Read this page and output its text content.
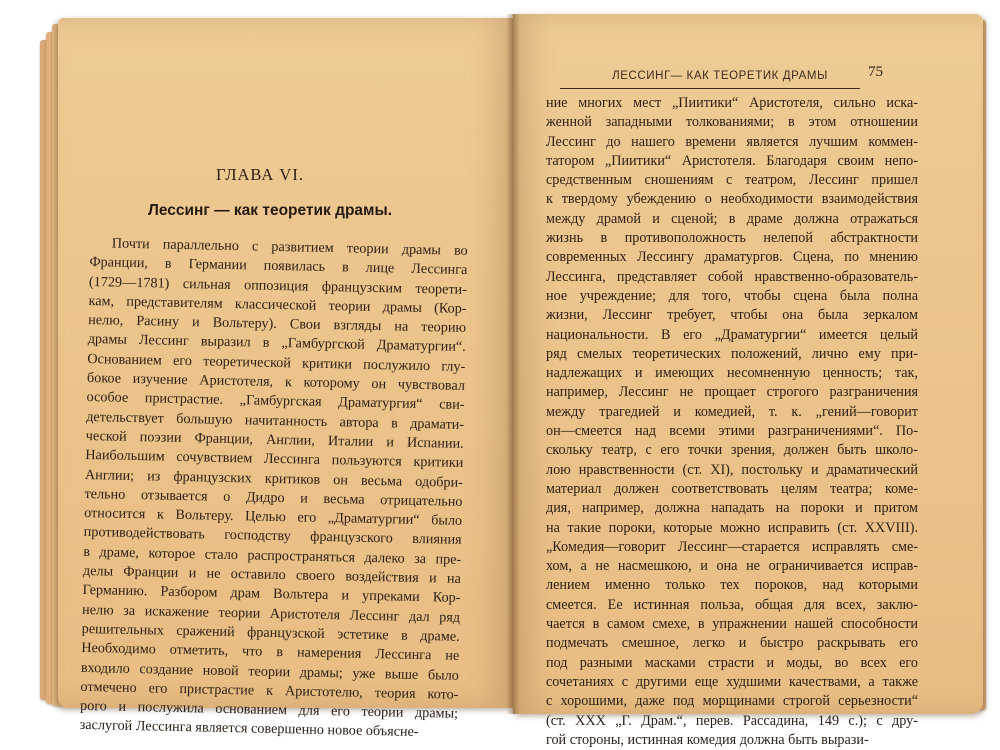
ГЛАВА VI.
Лессинг — как теоретик драмы.
Почти параллельно с развитием теории драмы во
Франции, в Германии появилась в лице Лессинга
(1729—1781) сильная оппозиция французским теорети-
кам, представителям классической теории драмы (Кор-
нелю, Расину и Вольтеру). Свои взгляды на теорию
драмы Лессинг выразил в „Гамбургской Драматургии“.
Основанием его теоретической критики послужило глу-
бокое изучение Аристотеля, к которому он чувствовал
особое пристрастие. „Гамбургская Драматургия“ сви-
детельствует большую начитанность автора в драмати-
ческой поэзии Франции, Англии, Италии и Испании.
Наибольшим сочувствием Лессинга пользуются критики
Англии; из французских критиков он весьма одобри-
тельно отзывается о Дидро и весьма отрицательно
относится к Вольтеру. Целью его „Драматургии“ было
противодействовать господству французского влияния
в драме, которое стало распространяться далеко за пре-
делы Франции и не оставило своего воздействия и на
Германию. Разбором драм Вольтера и упреками Кор-
нелю за искажение теории Аристотеля Лессинг дал ряд
решительных сражений французской эстетике в драме.
Необходимо отметить, что в намерения Лессинга не
входило создание новой теории драмы; уже выше было
отмечено его пристрастие к Аристотелю, теория кото-
рого и послужила основанием для его теории драмы;
заслугой Лессинга является совершенно новое объясне-
ЛЕССИНГ— КАК ТЕОРЕТИК ДРАМЫ	75
ние многих мест „Пиитики“ Аристотеля, сильно иска-
женной западными толкованиями; в этом отношении
Лессинг до нашего времени является лучшим коммен-
татором „Пиитики“ Аристотеля. Благодаря своим непо-
средственным сношениям с театром, Лессинг пришел
к твердому убеждению о необходимости взаимодействия
между драмой и сценой; в драме должна отражаться
жизнь в противоположность нелепой абстрактности
современных Лессингу драматургов. Сцена, по мнению
Лессинга, представляет собой нравственно-образователь-
ное учреждение; для того, чтобы сцена была полна
жизни, Лессинг требует, чтобы она была зеркалом
национальности. В его „Драматургии“ имеется целый
ряд смелых теоретических положений, лично ему при-
надлежащих и имеющих несомненную ценность; так,
например, Лессинг не прощает строгого разграничения
между трагедией и комедией, т. к. „гений—говорит
он—смеется над всеми этими разграничениями“. По-
скольку театр, с его точки зрения, должен быть школо-
лою нравственности (ст. XI), постольку и драматический
материал должен соответствовать целям театра; коме-
дия, например, должна нападать на пороки и притом
на такие пороки, которые можно исправить (ст. XXVIII).
„Комедия—говорит Лессинг—старается исправлять сме-
хом, а не насмешкою, и она не ограничивается исправ-
лением именно только тех пороков, над которыми
смеется. Ее истинная польза, общая для всех, заклю-
чается в самом смехе, в упражнении нашей способности
подмечать смешное, легко и быстро раскрывать его
под разными масками страсти и моды, во всех его
сочетаниях с другими еще худшими качествами, а также
с хорошими, даже под морщинами строгой серьезности“
(ст. XXX „Г. Драм.“, перев. Рассадина, 149 с.); с дру-
гой стороны, истинная комедия должна быть вырази-
